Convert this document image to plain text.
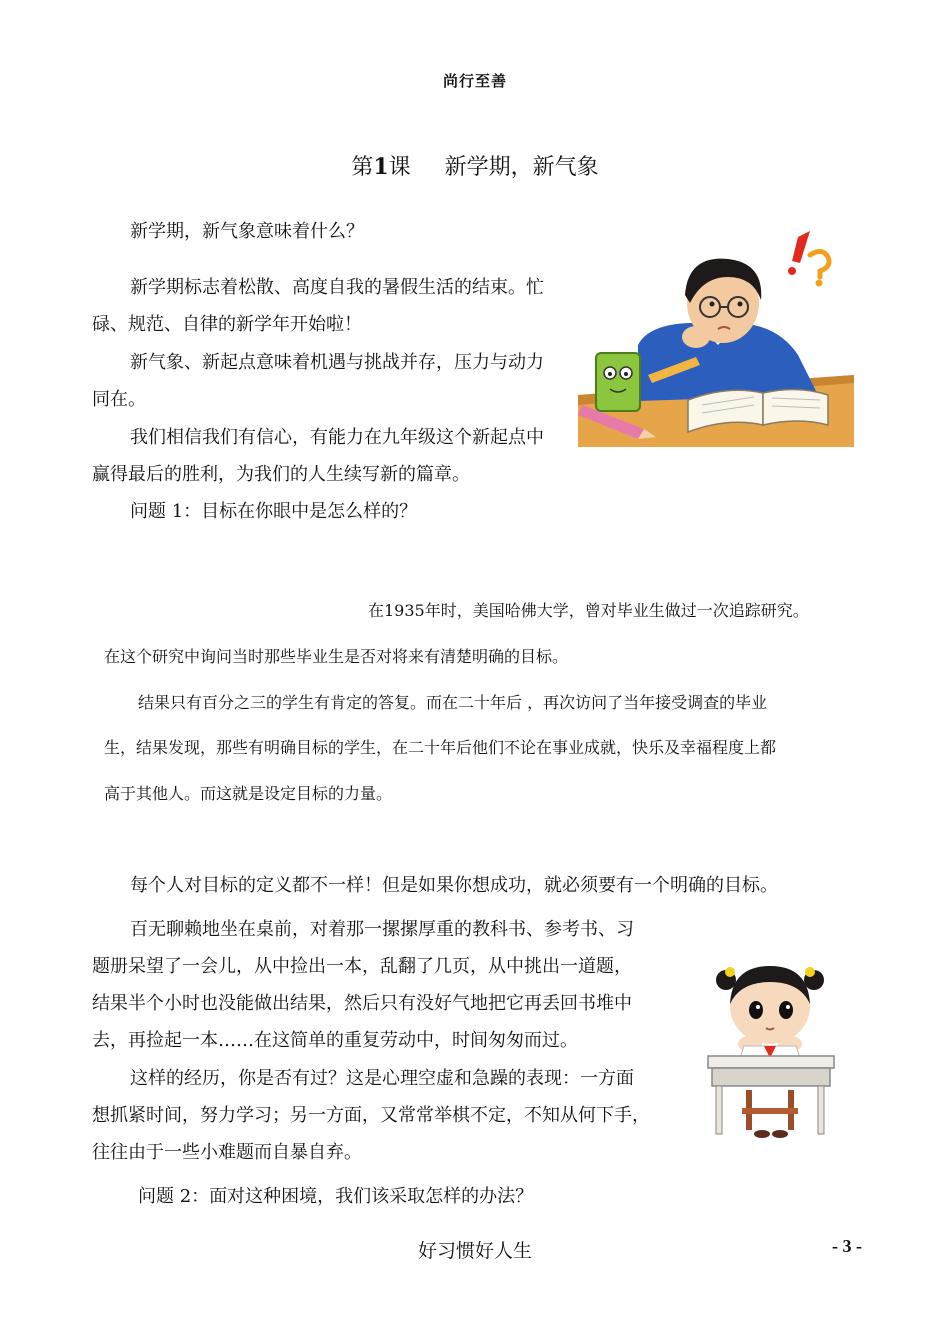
尚行至善
第1课 新学期，新气象
新学期，新气象意味着什么？
新学期标志着松散、高度自我的暑假生活的结束。忙
碌、规范、自律的新学年开始啦！
新气象、新起点意味着机遇与挑战并存，压力与动力
同在。
我们相信我们有信心，有能力在九年级这个新起点中
赢得最后的胜利，为我们的人生续写新的篇章。
问题 1：目标在你眼中是怎么样的？
在1935年时，美国哈佛大学，曾对毕业生做过一次追踪研究。
在这个研究中询问当时那些毕业生是否对将来有清楚明确的目标。
结果只有百分之三的学生有肯定的答复。而在二十年后 ，再次访问了当年接受调查的毕业
生，结果发现，那些有明确目标的学生，在二十年后他们不论在事业成就，快乐及幸福程度上都
高于其他人。而这就是设定目标的力量。
每个人对目标的定义都不一样！但是如果你想成功，就必须要有一个明确的目标。
百无聊赖地坐在桌前，对着那一摞摞厚重的教科书、参考书、习
题册呆望了一会儿，从中捡出一本，乱翻了几页，从中挑出一道题，
结果半个小时也没能做出结果，然后只有没好气地把它再丢回书堆中
去，再捡起一本……在这简单的重复劳动中，时间匆匆而过。
这样的经历，你是否有过？这是心理空虚和急躁的表现：一方面
想抓紧时间，努力学习；另一方面，又常常举棋不定，不知从何下手，
往往由于一些小难题而自暴自弃。
问题 2：面对这种困境，我们该采取怎样的办法？
好习惯好人生	- 3 -
